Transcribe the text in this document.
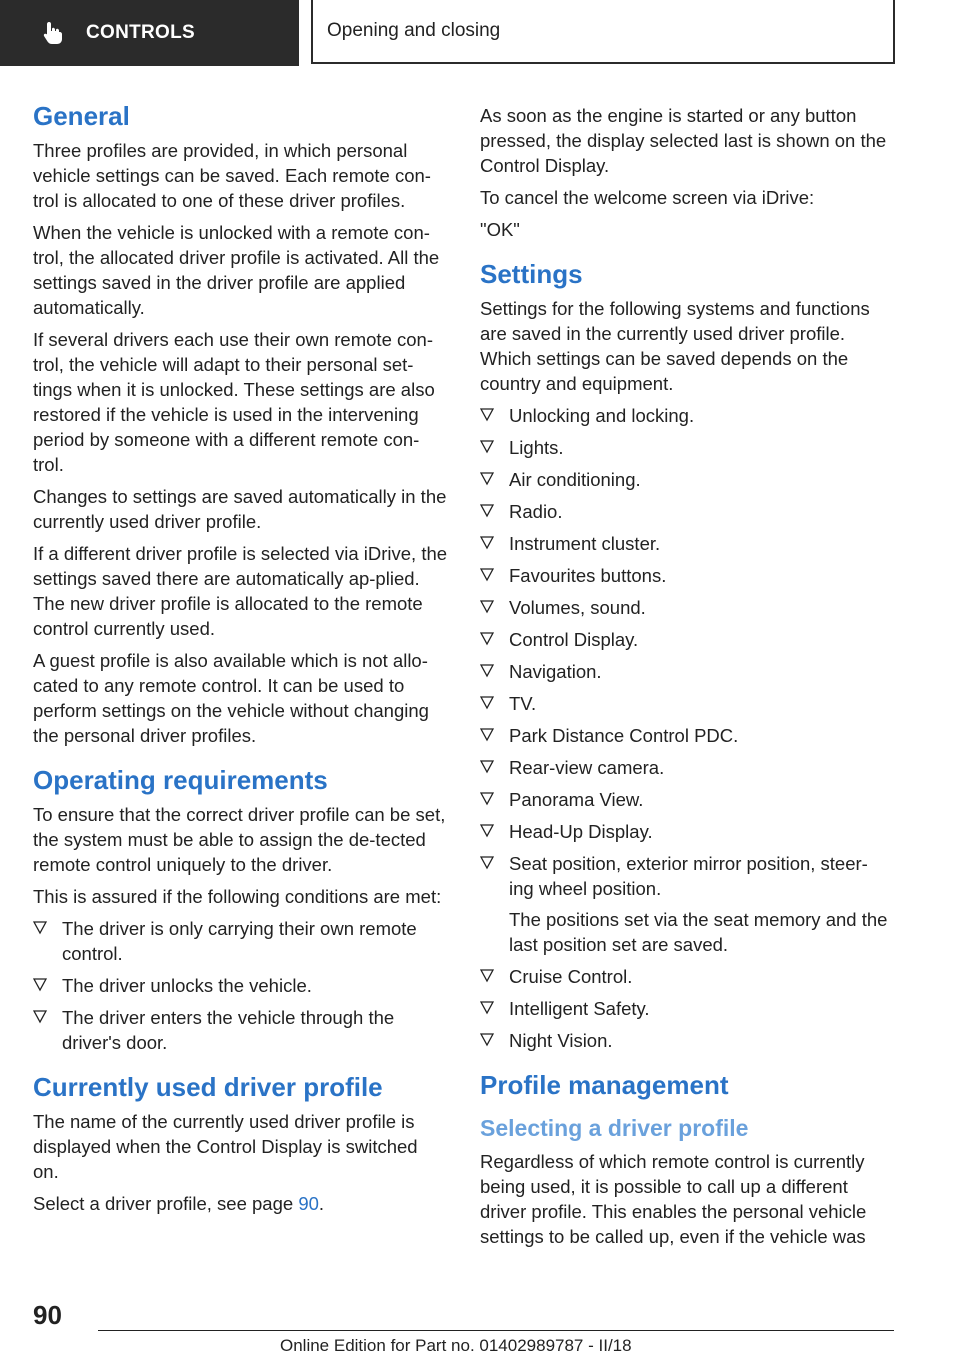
CONTROLS	Opening and closing
General

Three profiles are provided, in which personal vehicle settings can be saved. Each remote con-trol is allocated to one of these driver profiles.

When the vehicle is unlocked with a remote con-trol, the allocated driver profile is activated. All the settings saved in the driver profile are applied automatically.

If several drivers each use their own remote con-trol, the vehicle will adapt to their personal set-tings when it is unlocked. These settings are also restored if the vehicle is used in the intervening period by someone with a different remote con-trol.

Changes to settings are saved automatically in the currently used driver profile.

If a different driver profile is selected via iDrive, the settings saved there are automatically ap-plied. The new driver profile is allocated to the remote control currently used.

A guest profile is also available which is not allo-cated to any remote control. It can be used to perform settings on the vehicle without changing the personal driver profiles.

Operating requirements

To ensure that the correct driver profile can be set, the system must be able to assign the de-tected remote control uniquely to the driver.

This is assured if the following conditions are met:

The driver is only carrying their own remote control.
The driver unlocks the vehicle.
The driver enters the vehicle through the driver's door.
Currently used driver profile

The name of the currently used driver profile is displayed when the Control Display is switched on.

Select a driver profile, see page 90.

As soon as the engine is started or any button pressed, the display selected last is shown on the Control Display.

To cancel the welcome screen via iDrive:

"OK"

Settings

Settings for the following systems and functions are saved in the currently used driver profile. Which settings can be saved depends on the country and equipment.

Unlocking and locking.
Lights.
Air conditioning.
Radio.
Instrument cluster.
Favourites buttons.
Volumes, sound.
Control Display.
Navigation.
TV.
Park Distance Control PDC.
Rear-view camera.
Panorama View.
Head-Up Display.
Seat position, exterior mirror position, steer-ing wheel position.
The positions set via the seat memory and the last position set are saved.
Cruise Control.
Intelligent Safety.
Night Vision.
Profile management
Selecting a driver profile

Regardless of which remote control is currently being used, it is possible to call up a different driver profile. This enables the personal vehicle settings to be called up, even if the vehicle was

90
Online Edition for Part no. 01402989787 - II/18
